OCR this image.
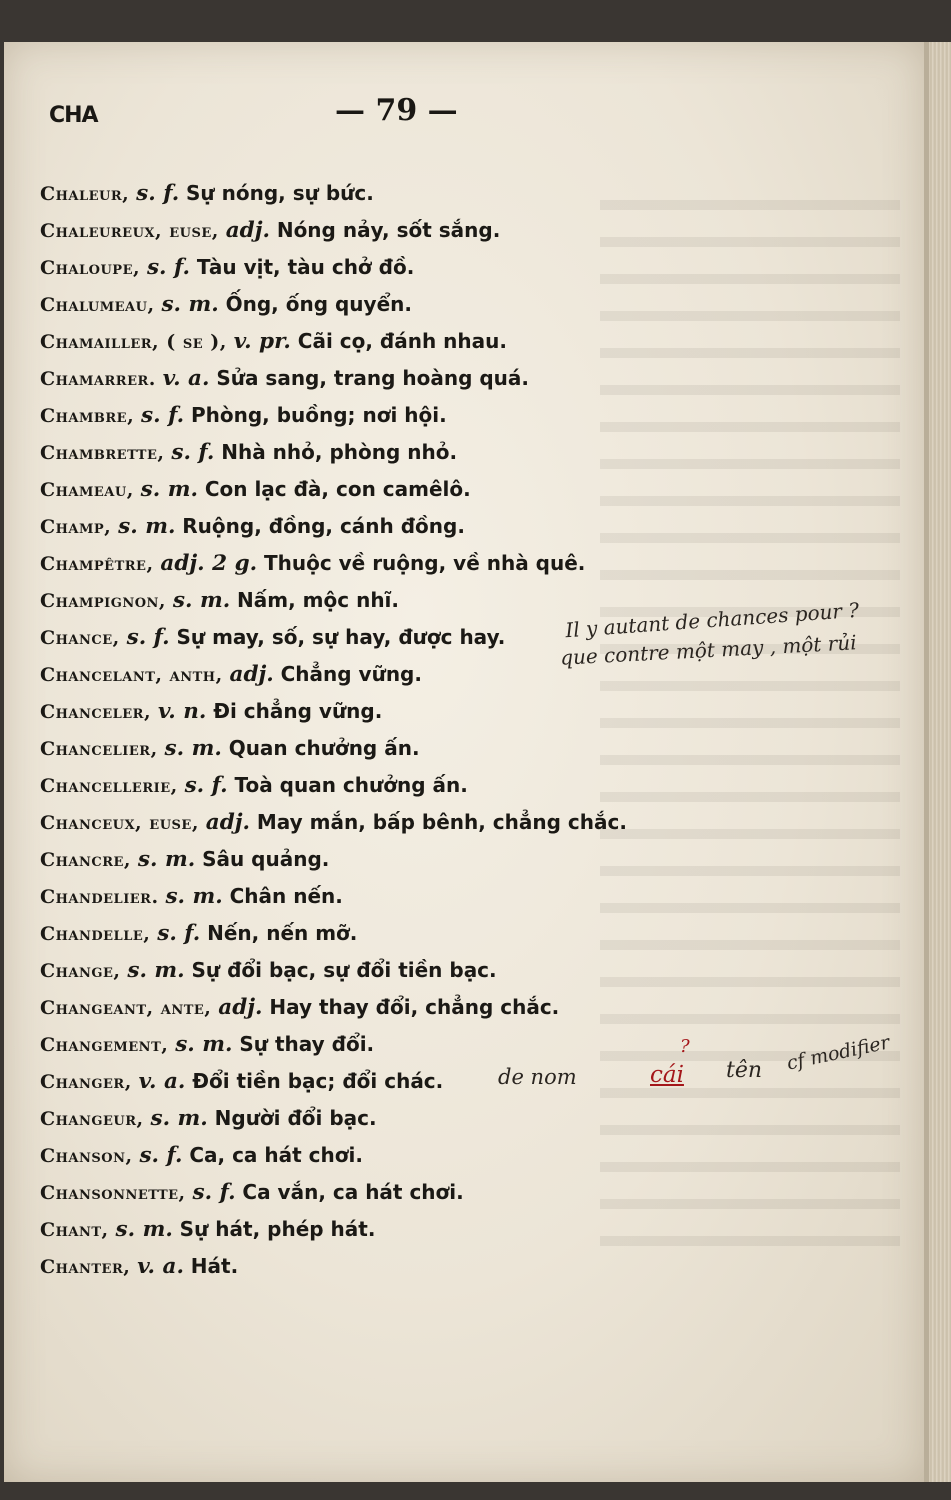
CHA	— 79 —
Chaleur, s. f. Sự nóng, sự bức.
Chaleureux, euse, adj. Nóng nảy, sốt sắng.
Chaloupe, s. f. Tàu vịt, tàu chở đồ.
Chalumeau, s. m. Ống, ống quyển.
Chamailler, ( se ), v. pr. Cãi cọ, đánh nhau.
Chamarrer. v. a. Sửa sang, trang hoàng quá.
Chambre, s. f. Phòng, buồng; nơi hội.
Chambrette, s. f. Nhà nhỏ, phòng nhỏ.
Chameau, s. m. Con lạc đà, con camêlô.
Champ, s. m. Ruộng, đồng, cánh đồng.
Champêtre, adj. 2 g. Thuộc về ruộng, về nhà quê.
Champignon, s. m. Nấm, mộc nhĩ.
Chance, s. f. Sự may, số, sự hay, được hay.
Chancelant, anth, adj. Chẳng vững.
Chanceler, v. n. Đi chẳng vững.
Chancelier, s. m. Quan chưởng ấn.
Chancellerie, s. f. Toà quan chưởng ấn.
Chanceux, euse, adj. May mắn, bấp bênh, chẳng chắc.
Chancre, s. m. Sâu quảng.
Chandelier. s. m. Chân nến.
Chandelle, s. f. Nến, nến mỡ.
Change, s. m. Sự đổi bạc, sự đổi tiền bạc.
Changeant, ante, adj. Hay thay đổi, chẳng chắc.
Changement, s. m. Sự thay đổi.
Changer, v. a. Đổi tiền bạc; đổi chác.
Changeur, s. m. Người đổi bạc.
Chanson, s. f. Ca, ca hát chơi.
Chansonnette, s. f. Ca vắn, ca hát chơi.
Chant, s. m. Sự hát, phép hát.
Chanter, v. a. Hát.
Il y autant de chances pour ?
que contre một may , một rủi
de nom
?
cái tên cf modifier
